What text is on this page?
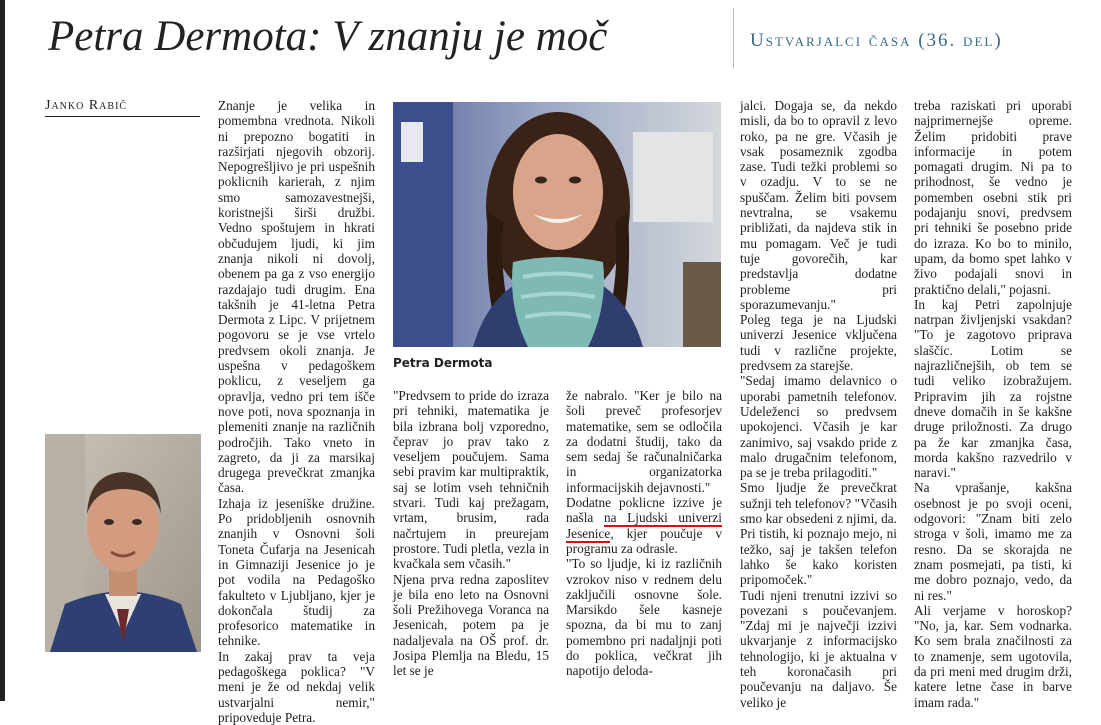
Petra Dermota: V znanju je moč	Ustvarjalci časa (36. del)
Janko Rabič	Znanje je velika in pomembna vrednota. Nikoli ni prepozno bogatiti in razširjati njegovih obzorij. Nepogrešljivo je pri uspešnih poklicnih karierah, z njim smo samozavestnejši, koristnejši širši družbi. Vedno spoštujem in hkrati občudujem ljudi, ki jim znanja nikoli ni dovolj, obenem pa ga z vso energijo razdajajo tudi drugim. Ena takšnih je 41-letna Petra Dermota z Lipc. V prijetnem pogovoru se je vse vrtelo predvsem okoli znanja. Je uspešna v pedagoškem poklicu, z veseljem ga opravlja, vedno pri tem išče nove poti, nova spoznanja in plemeniti znanje na različnih področjih. Tako vneto in zagreto, da ji za marsikaj drugega prevečkrat zmanjka časa.

Izhaja iz jeseniške družine. Po pridobljenih osnovnih znanjih v Osnovni šoli Toneta Čufarja na Jesenicah in Gimnaziji Jesenice jo je pot vodila na Pedagoško fakulteto v Ljubljano, kjer je dokončala študij za profesorico matematike in tehnike.

In zakaj prav ta veja pedagoškega poklica? "V meni je že od nekdaj velik ustvarjalni nemir," pripoveduje Petra.

Petra Dermota

"Predvsem to pride do izraza pri tehniki, matematika je bila izbrana bolj vzporedno, čeprav jo prav tako z veseljem poučujem. Sama sebi pravim kar multipraktik, saj se lotim vseh tehničnih stvari. Tudi kaj prežagam, vrtam, brusim, rada načrtujem in preurejam prostore. Tudi pletla, vezla in kvačkala sem včasih."

Njena prva redna zaposlitev je bila eno leto na Osnovni šoli Prežihovega Voranca na Jesenicah, potem pa je nadaljevala na OŠ prof. dr. Josipa Plemlja na Bledu, 15 let se je

že nabralo. "Ker je bilo na šoli preveč profesorjev matematike, sem se odločila za dodatni študij, tako da sem sedaj še računalničarka in organizatorka informacijskih dejavnosti."

Dodatne poklicne izzive je našla na Ljudski univerzi Jesenice, kjer poučuje v programu za odrasle.

"To so ljudje, ki iz različnih vzrokov niso v rednem delu zaključili osnovne šole. Marsikdo šele kasneje spozna, da bi mu to zanj pomembno pri nadaljnji poti do poklica, večkrat jih napotijo deloda-

jalci. Dogaja se, da nekdo misli, da bo to opravil z levo roko, pa ne gre. Včasih je vsak posameznik zgodba zase. Tudi težki problemi so v ozadju. V to se ne spuščam. Želim biti povsem nevtralna, se vsakemu približati, da najdeva stik in mu pomagam. Več je tudi tuje govorečih, kar predstavlja dodatne probleme pri sporazumevanju."

Poleg tega je na Ljudski univerzi Jesenice vključena tudi v različne projekte, predvsem za starejše.

"Sedaj imamo delavnico o uporabi pametnih telefonov. Udeleženci so predvsem upokojenci. Včasih je kar zanimivo, saj vsakdo pride z malo drugačnim telefonom, pa se je treba prilagoditi."

Smo ljudje že prevečkrat sužnji teh telefonov? "Včasih smo kar obsedeni z njimi, da. Pri tistih, ki poznajo mejo, ni težko, saj je takšen telefon lahko še kako koristen pripomoček."

Tudi njeni trenutni izzivi so povezani s poučevanjem. "Zdaj mi je največji izzivi ukvarjanje z informacijsko tehnologijo, ki je aktualna v teh koronačasih pri poučevanju na daljavo. Še veliko je

treba raziskati pri uporabi najprimernejše opreme. Želim pridobiti prave informacije in potem pomagati drugim. Ni pa to prihodnost, še vedno je pomemben osebni stik pri podajanju snovi, predvsem pri tehniki še posebno pride do izraza. Ko bo to minilo, upam, da bomo spet lahko v živo podajali snovi in praktično delali," pojasni.

In kaj Petri zapolnjuje natrpan življenjski vsakdan? "To je zagotovo priprava slaščic. Lotim se najrazličnejših, ob tem se tudi veliko izobražujem. Pripravim jih za rojstne dneve domačih in še kakšne druge priložnosti. Za drugo pa že kar zmanjka časa, morda kakšno razvedrilo v naravi."

Na vprašanje, kakšna osebnost je po svoji oceni, odgovori: "Znam biti zelo stroga v šoli, imamo me za resno. Da se skorajda ne znam posmejati, pa tisti, ki me dobro poznajo, vedo, da ni res."

Ali verjame v horoskop? "No, ja, kar. Sem vodnarka. Ko sem brala značilnosti za to znamenje, sem ugotovila, da pri meni med drugim drži, katere letne čase in barve imam rada."
